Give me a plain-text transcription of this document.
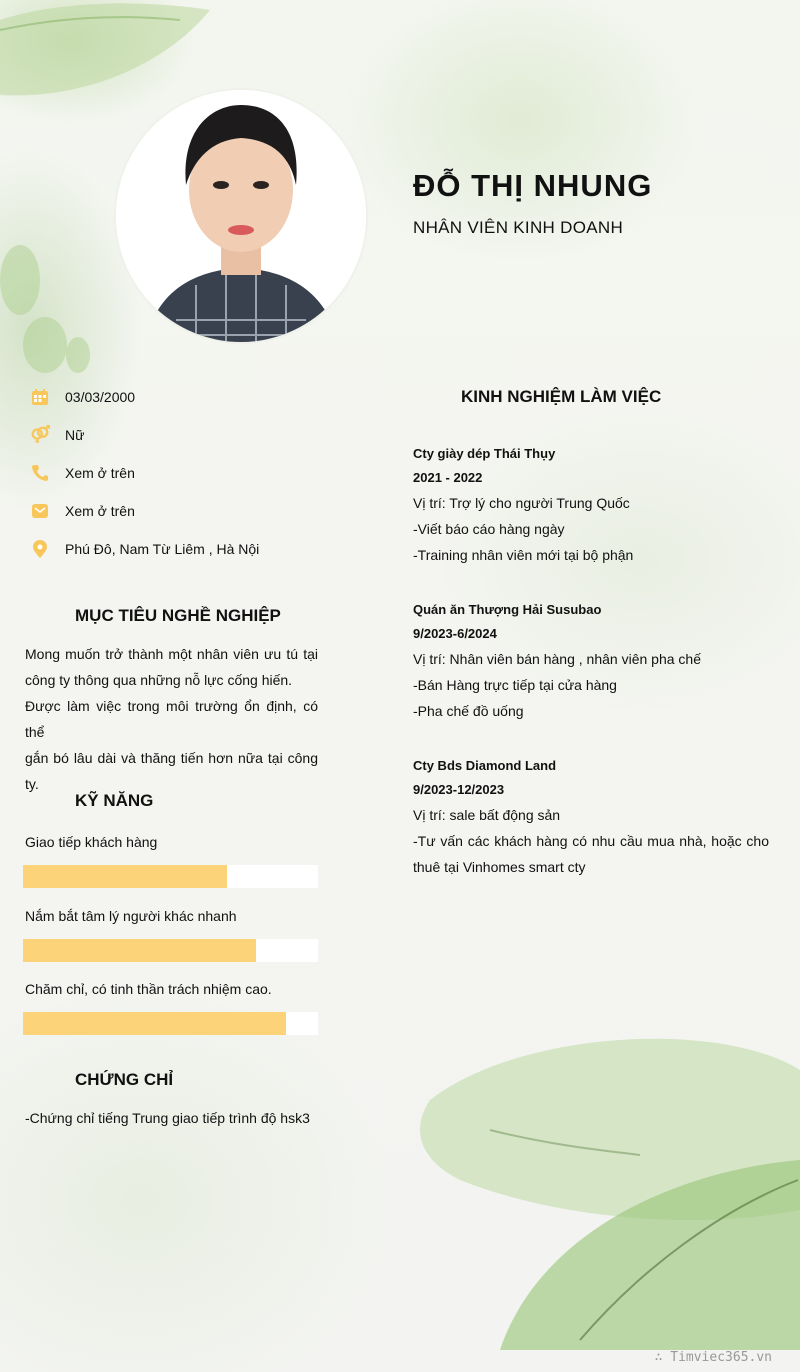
ĐỖ THỊ NHUNG
NHÂN VIÊN KINH DOANH
03/03/2000
Nữ
Xem ở trên
Xem ở trên
Phú Đô, Nam Từ Liêm , Hà Nội
MỤC TIÊU NGHỀ NGHIỆP
Mong muốn trở thành một nhân viên ưu tú tại
công ty thông qua những nỗ lực cống hiến.
Được làm việc trong môi trường ổn định, có thể
gắn bó lâu dài và thăng tiến hơn nữa tại công
ty.
KỸ NĂNG
Giao tiếp khách hàng
Nắm bắt tâm lý người khác nhanh
Chăm chỉ, có tinh thần trách nhiệm cao.
CHỨNG CHỈ
-Chứng chỉ tiếng Trung giao tiếp trình độ hsk3
KINH NGHIỆM LÀM VIỆC
Cty giày dép Thái Thụy
2021 - 2022
Vị trí: Trợ lý cho người Trung Quốc
-Viết báo cáo hàng ngày
-Training nhân viên mới tại bộ phận
Quán ăn Thượng Hải Susubao
9/2023-6/2024
Vị trí: Nhân viên bán hàng , nhân viên pha chế
-Bán Hàng trực tiếp tại cửa hàng
-Pha chế đồ uống
Cty Bds Diamond Land
9/2023-12/2023
Vị trí: sale bất động sản
-Tư vấn các khách hàng có nhu cầu mua nhà, hoặc cho
thuê tại Vinhomes smart cty
∴ Timviec365.vn
